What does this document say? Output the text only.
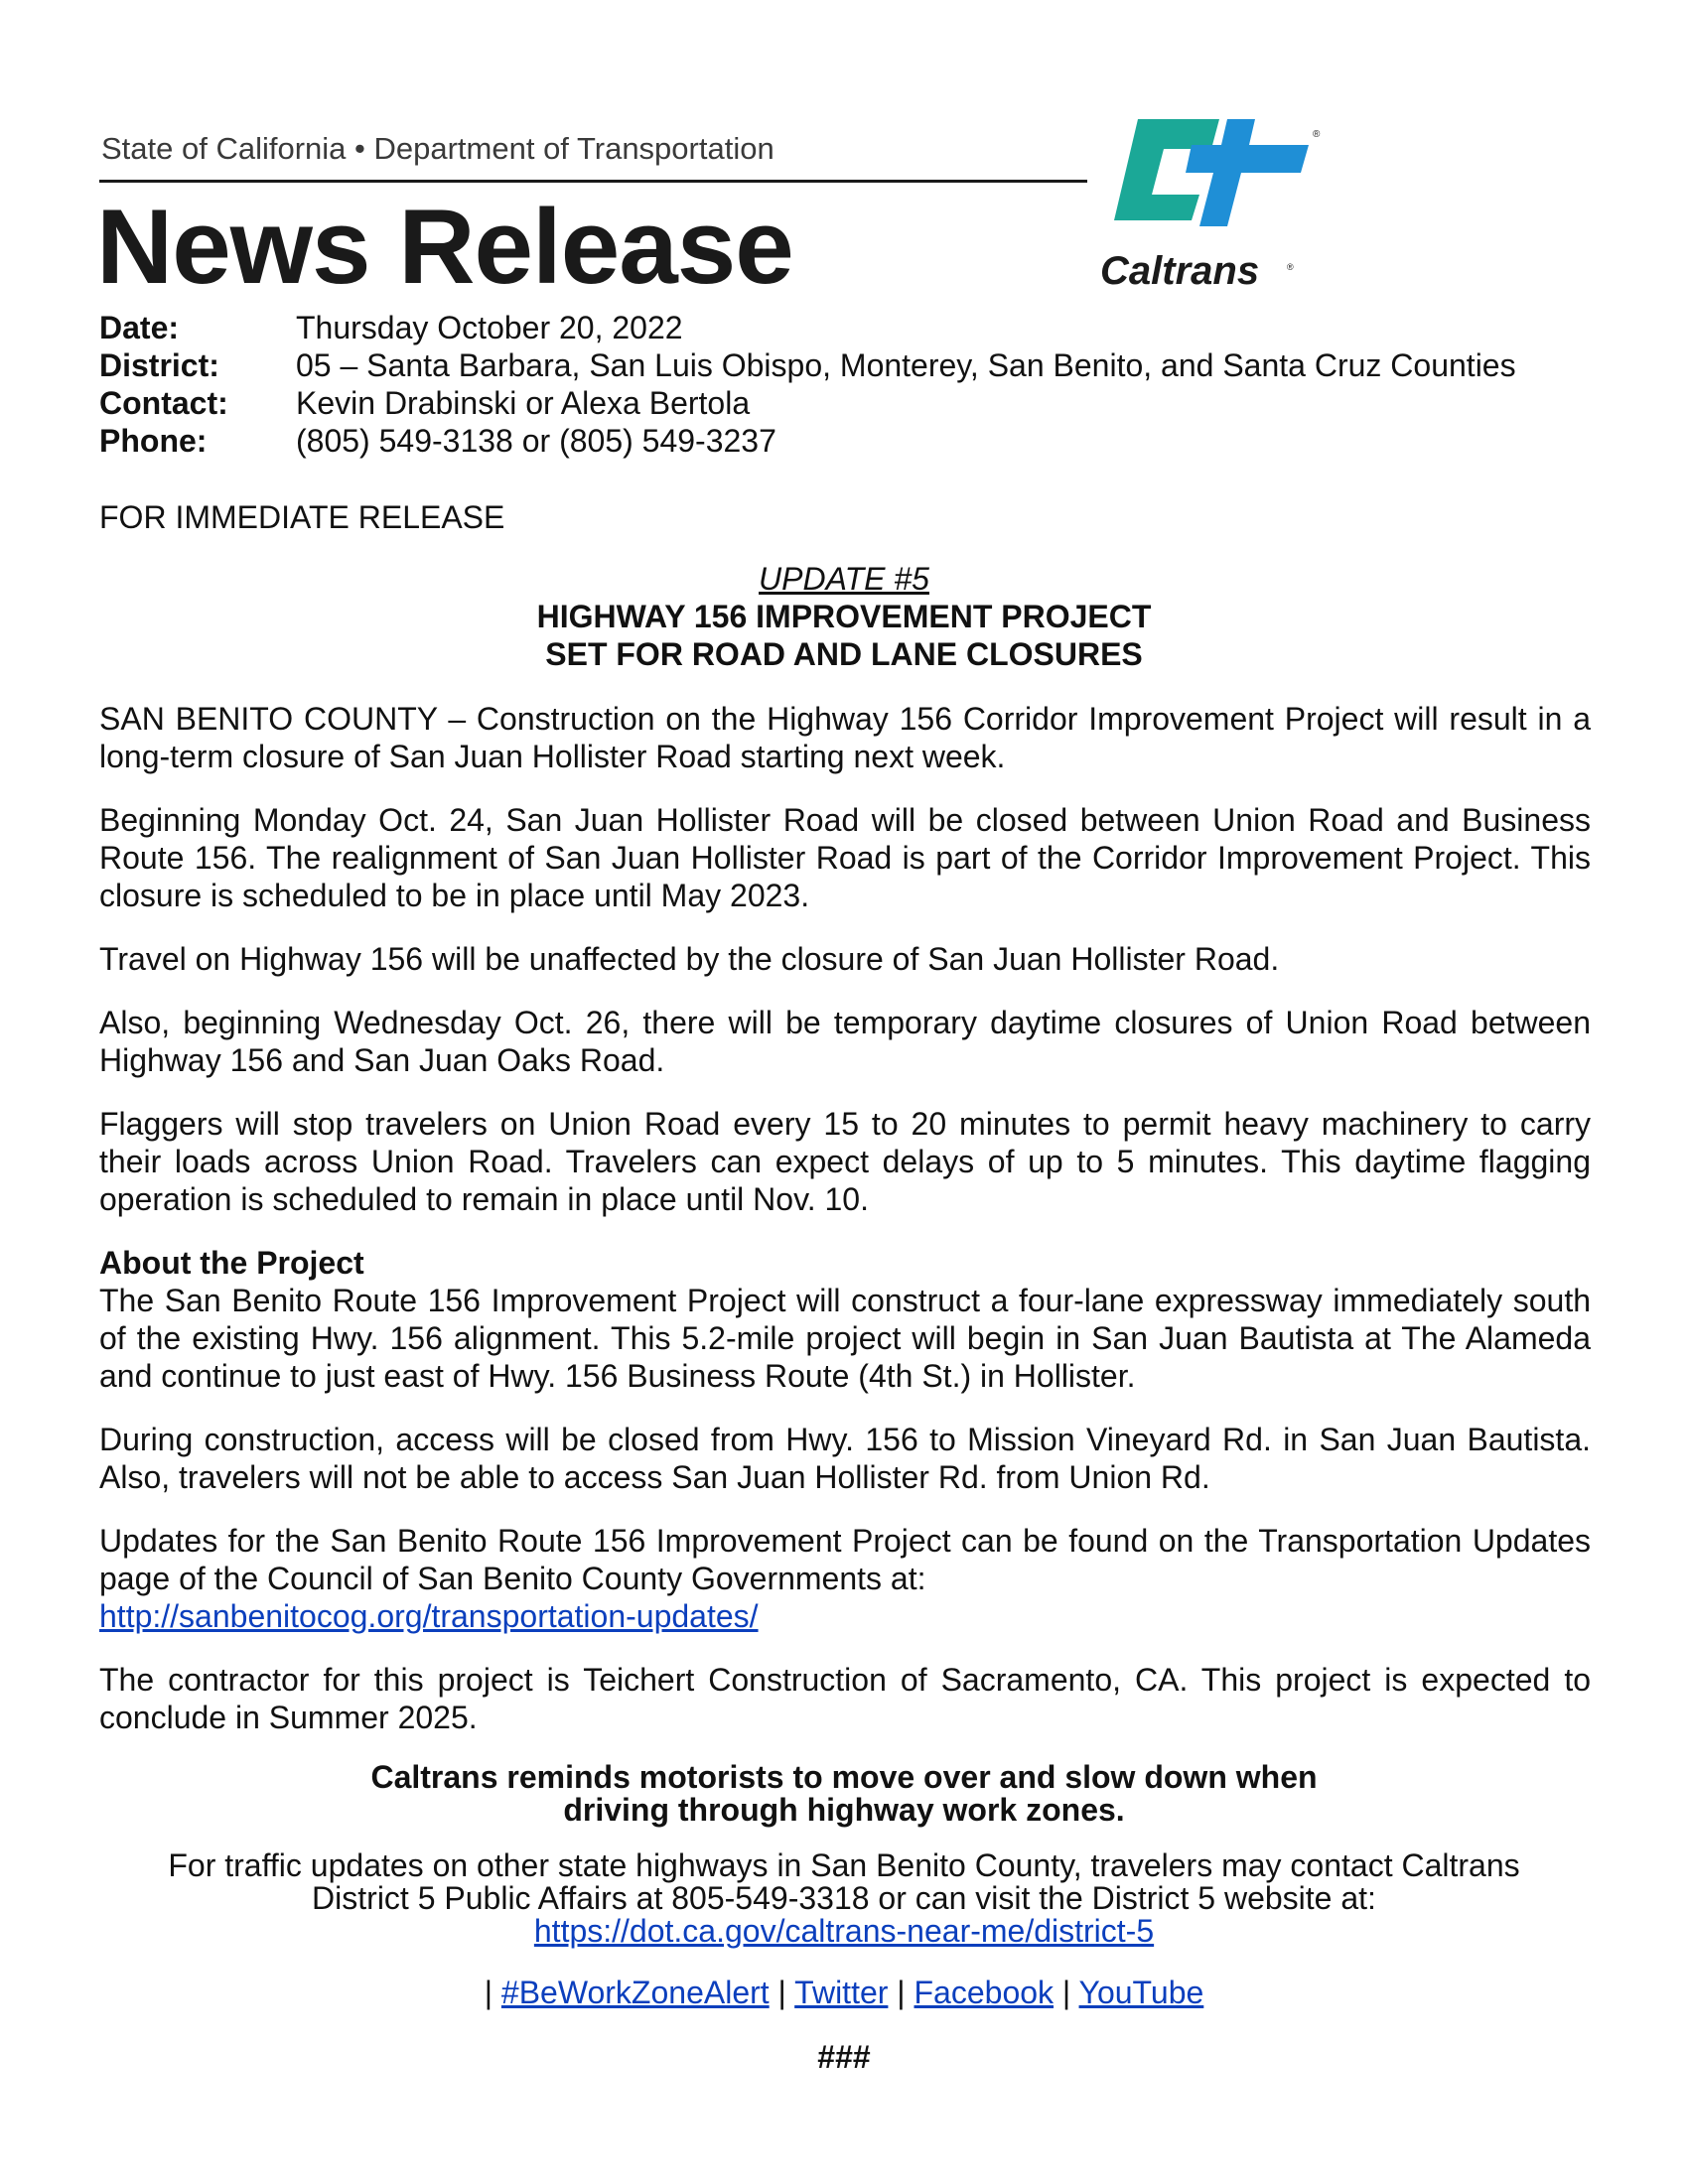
State of California • Department of Transportation
News Release
®
Caltrans	®
Date:	Thursday October 20, 2022
District:	05 – Santa Barbara, San Luis Obispo, Monterey, San Benito, and Santa Cruz Counties
Contact:	Kevin Drabinski or Alexa Bertola
Phone:	(805) 549-3138 or (805) 549-3237
FOR IMMEDIATE RELEASE
UPDATE #5
HIGHWAY 156 IMPROVEMENT PROJECT
SET FOR ROAD AND LANE CLOSURES

SAN BENITO COUNTY – Construction on the Highway 156 Corridor Improvement Project will result in a long-term closure of San Juan Hollister Road starting next week.

Beginning Monday Oct. 24, San Juan Hollister Road will be closed between Union Road and Business Route 156. The realignment of San Juan Hollister Road is part of the Corridor Improvement Project. This closure is scheduled to be in place until May 2023.

Travel on Highway 156 will be unaffected by the closure of San Juan Hollister Road.

Also, beginning Wednesday Oct. 26, there will be temporary daytime closures of Union Road between Highway 156 and San Juan Oaks Road.

Flaggers will stop travelers on Union Road every 15 to 20 minutes to permit heavy machinery to carry their loads across Union Road. Travelers can expect delays of up to 5 minutes. This daytime flagging operation is scheduled to remain in place until Nov. 10.

About the Project

The San Benito Route 156 Improvement Project will construct a four-lane expressway immediately south of the existing Hwy. 156 alignment. This 5.2-mile project will begin in San Juan Bautista at The Alameda and continue to just east of Hwy. 156 Business Route (4th St.) in Hollister.

During construction, access will be closed from Hwy. 156 to Mission Vineyard Rd. in San Juan Bautista. Also, travelers will not be able to access San Juan Hollister Rd. from Union Rd.

Updates for the San Benito Route 156 Improvement Project can be found on the Transportation Updates page of the Council of San Benito County Governments at:
http://sanbenitocog.org/transportation-updates/

The contractor for this project is Teichert Construction of Sacramento, CA. This project is expected to conclude in Summer 2025.

Caltrans reminds motorists to move over and slow down when
driving through highway work zones.
For traffic updates on other state highways in San Benito County, travelers may contact Caltrans
District 5 Public Affairs at 805-549-3318 or can visit the District 5 website at:
https://dot.ca.gov/caltrans-near-me/district-5
| #BeWorkZoneAlert | Twitter | Facebook | YouTube
###
